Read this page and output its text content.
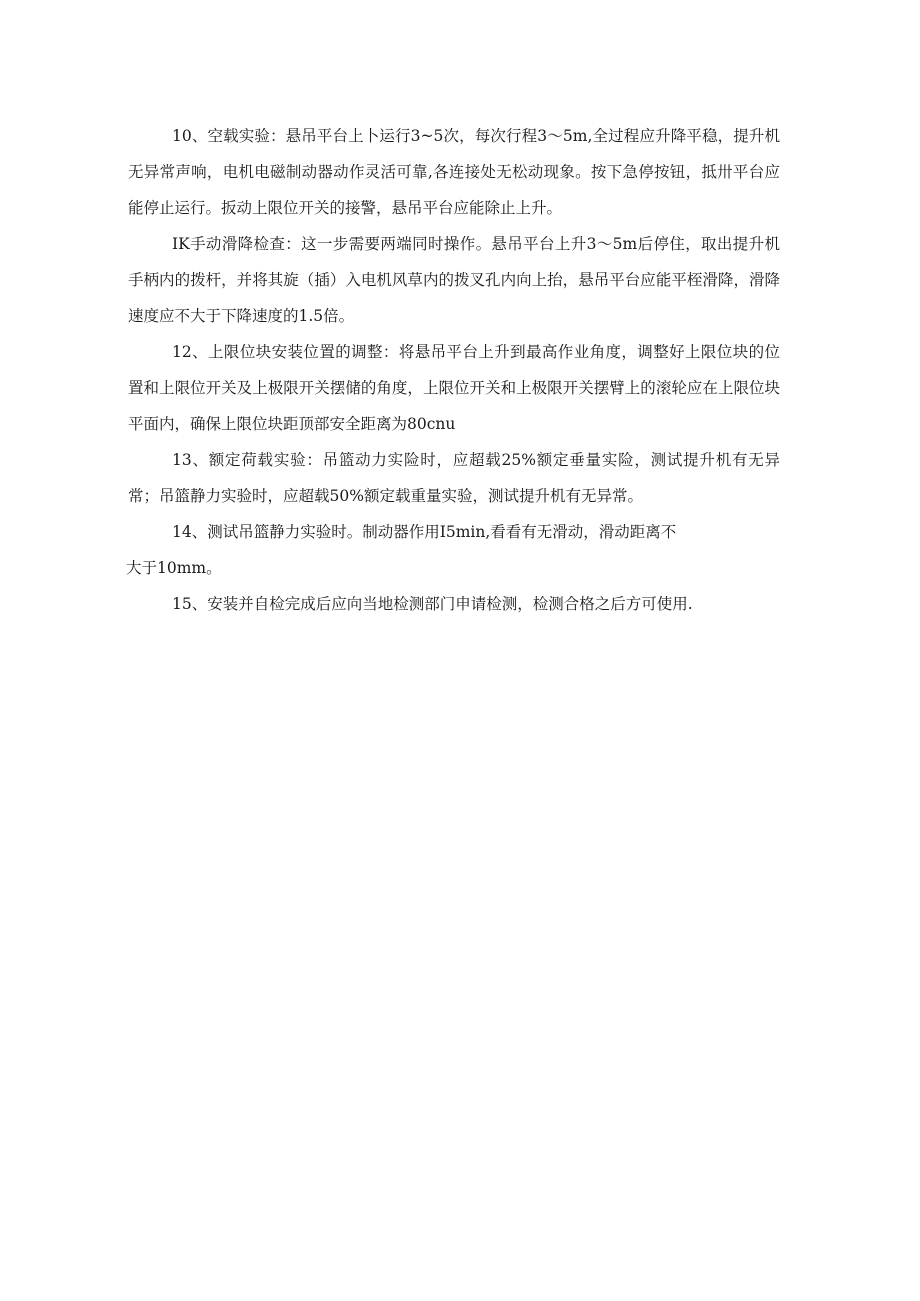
10、空载实验：悬吊平台上卜运行3~5次，每次行程3～5m,全过程应升降平稳，提升机无异常声响，电机电磁制动器动作灵活可靠,各连接处无松动现象。按下急停按钮，抵卅平台应能停止运行。扳动上限位开关的接警，悬吊平台应能除止上升。

IK手动滑降检查：这一步需要两端同时操作。悬吊平台上升3～5m后停住，取出提升机手柄内的拨杆，并将其旋（插）入电机风草内的拨叉孔内向上抬，悬吊平台应能平桎滑降，滑降速度应不大于下降速度的1.5倍。

12、上限位块安装位置的调整：将悬吊平台上升到最高作业角度，调整好上限位块的位置和上限位开关及上极限开关摆储的角度，上限位开关和上极限开关摆臂上的滚轮应在上限位块平面内，确保上限位块距顶部安全距离为80cnu

13、额定荷载实验：吊篮动力实险时，应超载25%额定垂量实险，测试提升机有无异常；吊篮静力实验时，应超载50%额定载重量实验，测试提升机有无异常。

14、测试吊篮静力实验时。制动器作用I5min,看看有无滑动，滑动距离不

大于10mm。

15、安装并自检完成后应向当地检测部门申请检测，检测合格之后方可使用.
